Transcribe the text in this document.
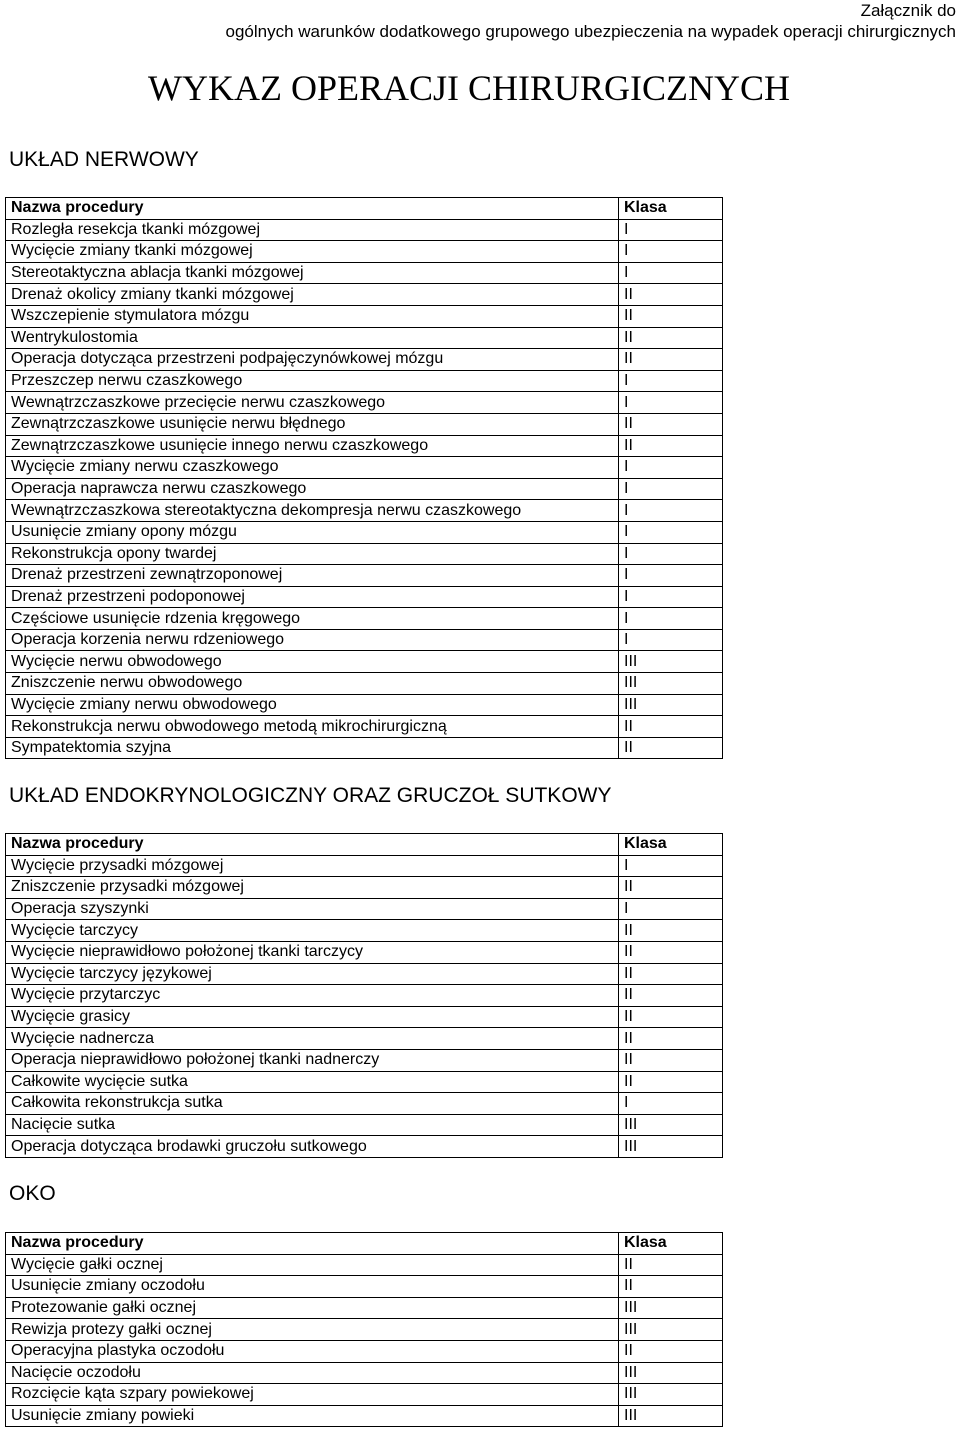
Załącznik do
ogólnych warunków dodatkowego grupowego ubezpieczenia na wypadek operacji chirurgicznych
WYKAZ OPERACJI CHIRURGICZNYCH
UKŁAD NERWOWY
Nazwa procedury	Klasa
Rozległa resekcja tkanki mózgowej	I
Wycięcie zmiany tkanki mózgowej	I
Stereotaktyczna ablacja tkanki mózgowej	I
Drenaż okolicy zmiany tkanki mózgowej	II
Wszczepienie stymulatora mózgu	II
Wentrykulostomia	II
Operacja dotycząca przestrzeni podpajęczynówkowej mózgu	II
Przeszczep nerwu czaszkowego	I
Wewnątrzczaszkowe przecięcie nerwu czaszkowego	I
Zewnątrzczaszkowe usunięcie nerwu błędnego	II
Zewnątrzczaszkowe usunięcie innego nerwu czaszkowego	II
Wycięcie zmiany nerwu czaszkowego	I
Operacja naprawcza nerwu czaszkowego	I
Wewnątrzczaszkowa stereotaktyczna dekompresja nerwu czaszkowego	I
Usunięcie zmiany opony mózgu	I
Rekonstrukcja opony twardej	I
Drenaż przestrzeni zewnątrzoponowej	I
Drenaż przestrzeni podoponowej	I
Częściowe usunięcie rdzenia kręgowego	I
Operacja korzenia nerwu rdzeniowego	I
Wycięcie nerwu obwodowego	III
Zniszczenie nerwu obwodowego	III
Wycięcie zmiany nerwu obwodowego	III
Rekonstrukcja nerwu obwodowego metodą mikrochirurgiczną	II
Sympatektomia szyjna	II
UKŁAD ENDOKRYNOLOGICZNY ORAZ GRUCZOŁ SUTKOWY
Nazwa procedury	Klasa
Wycięcie przysadki mózgowej	I
Zniszczenie przysadki mózgowej	II
Operacja szyszynki	I
Wycięcie tarczycy	II
Wycięcie nieprawidłowo położonej tkanki tarczycy	II
Wycięcie tarczycy językowej	II
Wycięcie przytarczyc	II
Wycięcie grasicy	II
Wycięcie nadnercza	II
Operacja nieprawidłowo położonej tkanki nadnerczy	II
Całkowite wycięcie sutka	II
Całkowita rekonstrukcja sutka	I
Nacięcie sutka	III
Operacja dotycząca brodawki gruczołu sutkowego	III
OKO
Nazwa procedury	Klasa
Wycięcie gałki ocznej	II
Usunięcie zmiany oczodołu	II
Protezowanie gałki ocznej	III
Rewizja protezy gałki ocznej	III
Operacyjna plastyka oczodołu	II
Nacięcie oczodołu	III
Rozcięcie kąta szpary powiekowej	III
Usunięcie zmiany powieki	III
